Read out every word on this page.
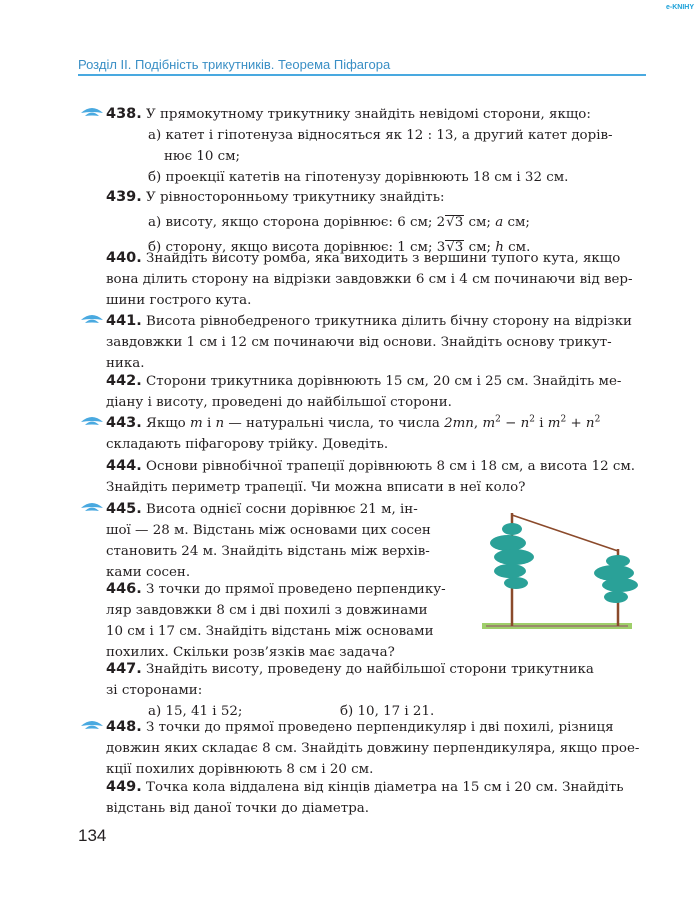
e-KNIHY
Розділ ІІ. Подібність трикутників. Теорема Піфагора
438. У прямокутному трикутнику знайдіть невідомі сторони, якщо:
а) катет і гіпотенуза відносяться як 12 : 13, а другий катет дорів-
нює 10 см;
б) проекції катетів на гіпотенузу дорівнюють 18 см і 32 см.
439. У рівносторонньому трикутнику знайдіть:
а) висоту, якщо сторона дорівнює: 6 см; 2√3 см; a см;
б) сторону, якщо висота дорівнює: 1 см; 3√3 см; h см.
440. Знайдіть висоту ромба, яка виходить з вершини тупого кута, якщо
вона ділить сторону на відрізки завдовжки 6 см і 4 см починаючи від вер-
шини гострого кута.
441. Висота рівнобедреного трикутника ділить бічну сторону на відрізки
завдовжки 1 см і 12 см починаючи від основи. Знайдіть основу трикут-
ника.
442. Сторони трикутника дорівнюють 15 см, 20 см і 25 см. Знайдіть ме-
діану і висоту, проведені до найбільшої сторони.
443. Якщо m і n — натуральні числа, то числа 2mn, $m^2 - n^2$ і $m^2 + n^2$
складають піфагорову трійку. Доведіть.
444. Основи рівнобічної трапеції дорівнюють 8 см і 18 см, а висота 12 см.
Знайдіть периметр трапеції. Чи можна вписати в неї коло?
445. Висота однієї сосни дорівнює 21 м, ін-
шої — 28 м. Відстань між основами цих сосен
становить 24 м. Знайдіть відстань між верхів-
ками сосен.
446. З точки до прямої проведено перпендику-
ляр завдовжки 8 см і дві похилі з довжинами
10 см і 17 см. Знайдіть відстань між основами
похилих. Скільки розв’язків має задача?
447. Знайдіть висоту, проведену до найбільшої сторони трикутника
зі сторонами:
а) 15, 41 і 52;	б) 10, 17 і 21.
448. З точки до прямої проведено перпендикуляр і дві похилі, різниця
довжин яких складає 8 см. Знайдіть довжину перпендикуляра, якщо прое-
кції похилих дорівнюють 8 см і 20 см.
449. Точка кола віддалена від кінців діаметра на 15 см і 20 см. Знайдіть
відстань від даної точки до діаметра.
134
